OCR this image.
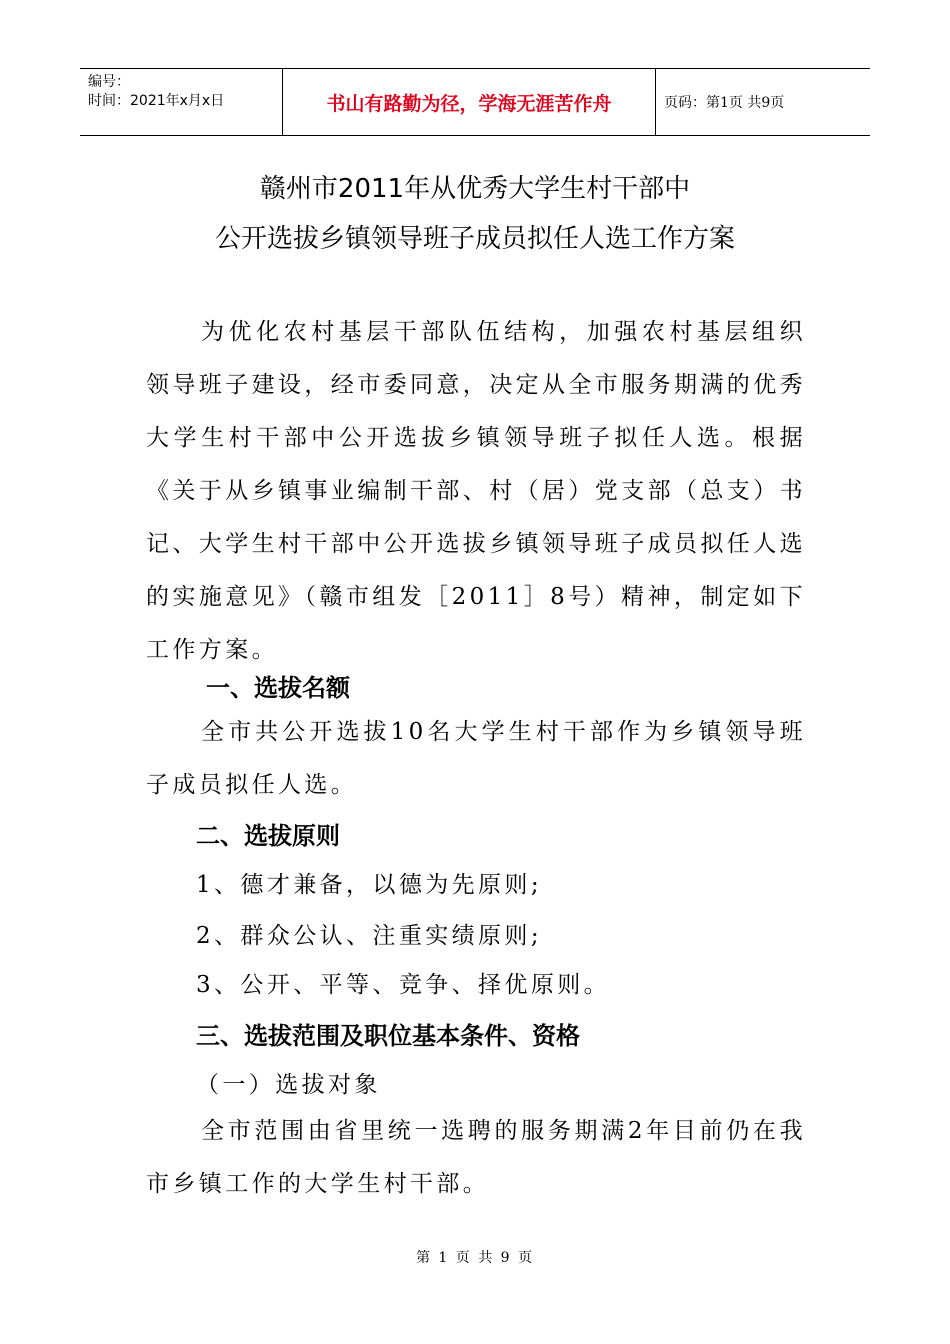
编号：
时间：2021年x月x日	书山有路勤为径，学海无涯苦作舟	页码：第1页 共9页
赣州市2011年从优秀大学生村干部中
公开选拔乡镇领导班子成员拟任人选工作方案
为优化农村基层干部队伍结构，加强农村基层组织领导班子建设，经市委同意，决定从全市服务期满的优秀大学生村干部中公开选拔乡镇领导班子拟任人选。根据《关于从乡镇事业编制干部、村（居）党支部（总支）书记、大学生村干部中公开选拔乡镇领导班子成员拟任人选的实施意见》（赣市组发［2011］8号）精神，制定如下工作方案。
一、选拔名额
全市共公开选拔10名大学生村干部作为乡镇领导班子成员拟任人选。
二、选拔原则
1、德才兼备，以德为先原则;
2、群众公认、注重实绩原则;
3、公开、平等、竞争、择优原则。
三、选拔范围及职位基本条件、资格
（一）选拔对象
全市范围由省里统一选聘的服务期满2年目前仍在我市乡镇工作的大学生村干部。
第 1 页 共 9 页
